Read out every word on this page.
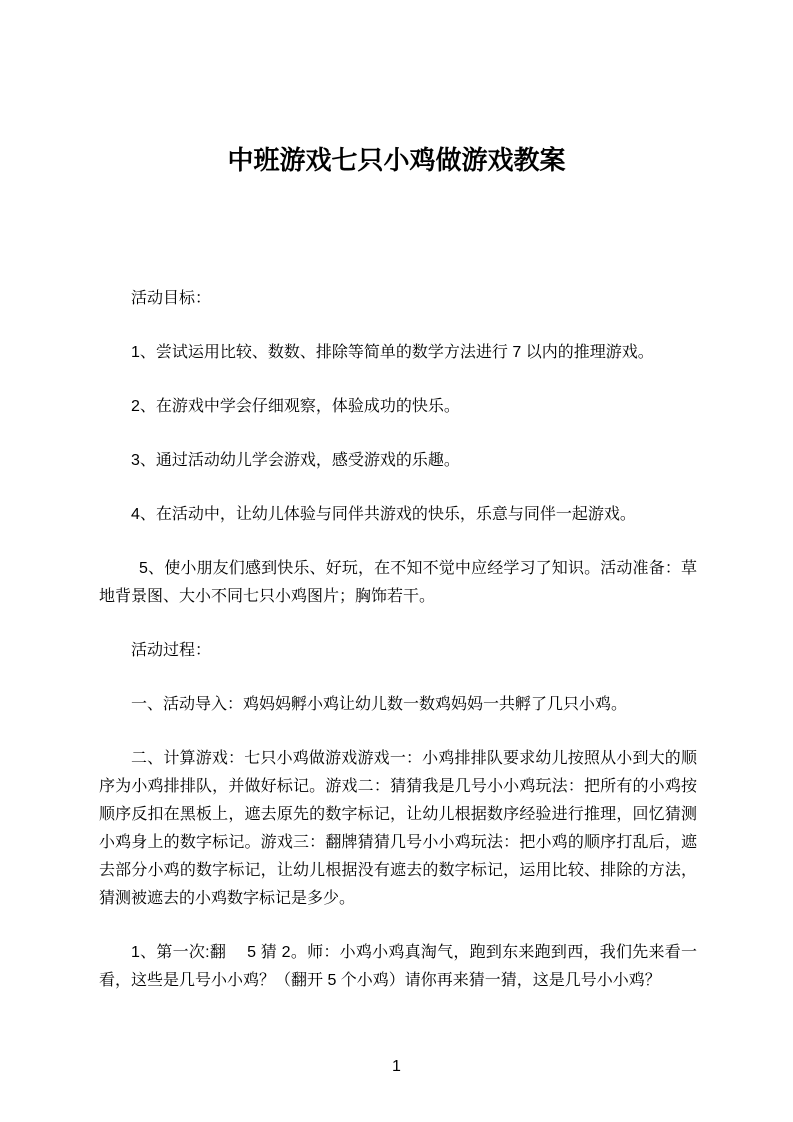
中班游戏七只小鸡做游戏教案

活动目标：

1、尝试运用比较、数数、排除等简单的数学方法进行 7 以内的推理游戏。

2、在游戏中学会仔细观察，体验成功的快乐。

3、通过活动幼儿学会游戏，感受游戏的乐趣。

4、在活动中，让幼儿体验与同伴共游戏的快乐，乐意与同伴一起游戏。

5、使小朋友们感到快乐、好玩，在不知不觉中应经学习了知识。活动准备：草地背景图、大小不同七只小鸡图片；胸饰若干。

活动过程：

一、活动导入：鸡妈妈孵小鸡让幼儿数一数鸡妈妈一共孵了几只小鸡。

二、计算游戏：七只小鸡做游戏游戏一：小鸡排排队要求幼儿按照从小到大的顺序为小鸡排排队，并做好标记。游戏二：猜猜我是几号小小鸡玩法：把所有的小鸡按顺序反扣在黑板上，遮去原先的数字标记，让幼儿根据数序经验进行推理，回忆猜测小鸡身上的数字标记。游戏三：翻牌猜猜几号小小鸡玩法：把小鸡的顺序打乱后，遮去部分小鸡的数字标记，让幼儿根据没有遮去的数字标记，运用比较、排除的方法，猜测被遮去的小鸡数字标记是多少。

1、第一次:翻　 5 猜 2。师：小鸡小鸡真淘气，跑到东来跑到西，我们先来看一看，这些是几号小小鸡？（翻开 5 个小鸡）请你再来猜一猜，这是几号小小鸡？

1
